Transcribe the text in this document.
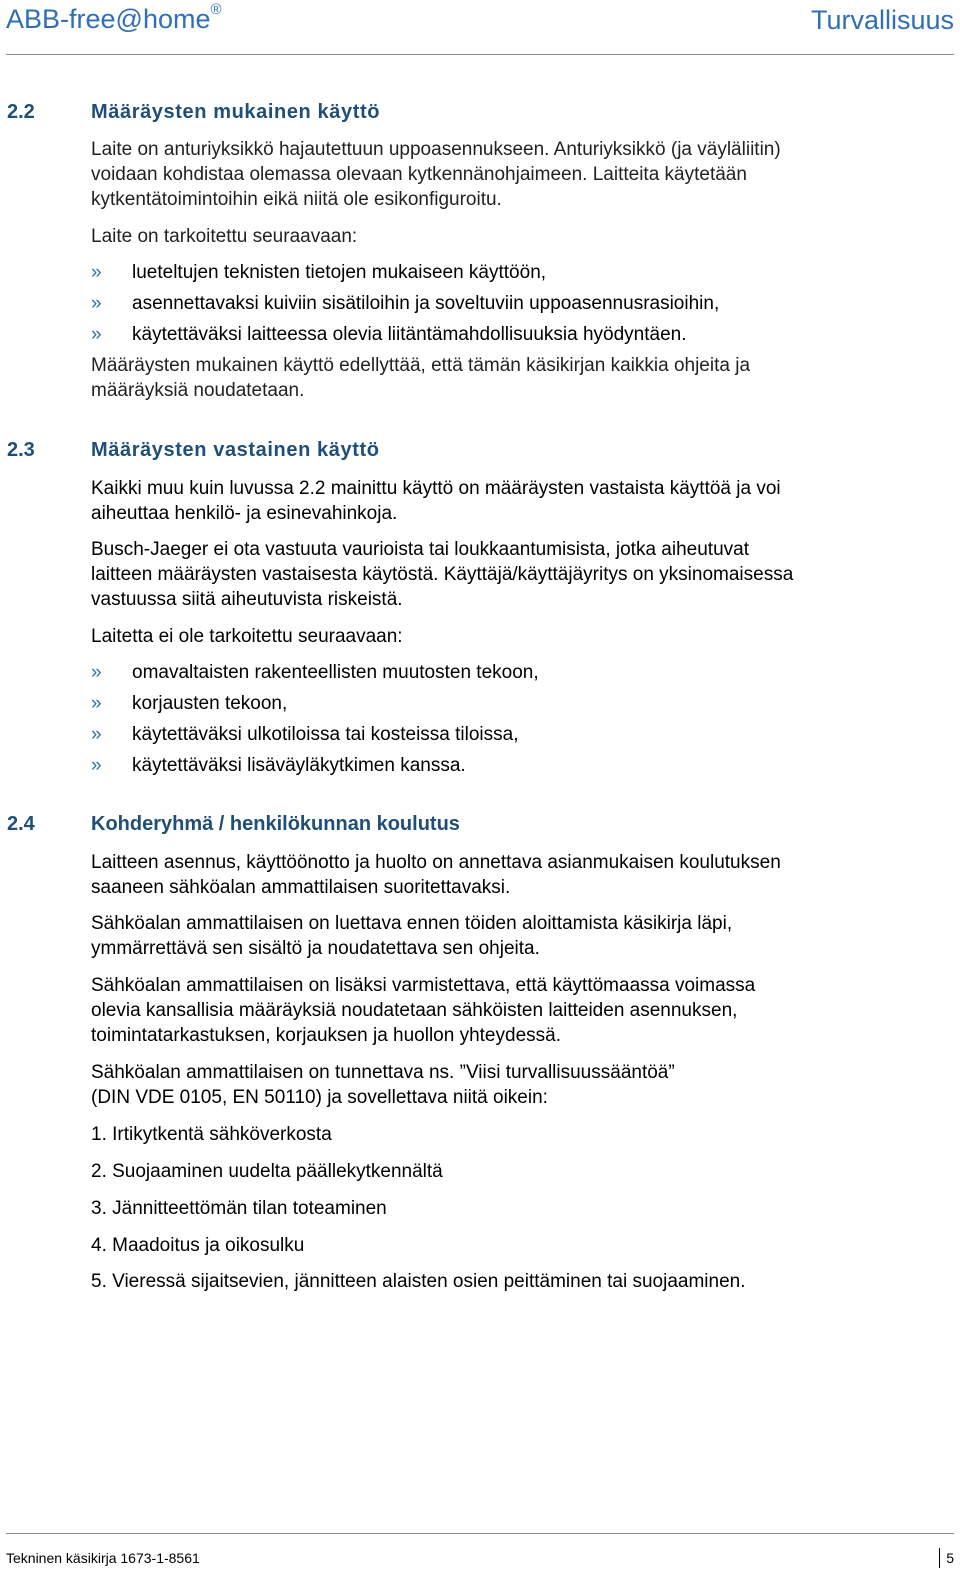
ABB-free@home®	Turvallisuus
2.2	Määräysten mukainen käyttö
Laite on anturiyksikkö hajautettuun uppoasennukseen. Anturiyksikkö (ja väyläliitin)
voidaan kohdistaa olemassa olevaan kytkennänohjaimeen. Laitteita käytetään
kytkentätoimintoihin eikä niitä ole esikonfiguroitu.
Laite on tarkoitettu seuraavaan:
» lueteltujen teknisten tietojen mukaiseen käyttöön,
» asennettavaksi kuiviin sisätiloihin ja soveltuviin uppoasennusrasioihin,
» käytettäväksi laitteessa olevia liitäntämahdollisuuksia hyödyntäen.
Määräysten mukainen käyttö edellyttää, että tämän käsikirjan kaikkia ohjeita ja
määräyksiä noudatetaan.
2.3	Määräysten vastainen käyttö
Kaikki muu kuin luvussa 2.2 mainittu käyttö on määräysten vastaista käyttöä ja voi
aiheuttaa henkilö- ja esinevahinkoja.
Busch-Jaeger ei ota vastuuta vaurioista tai loukkaantumisista, jotka aiheutuvat
laitteen määräysten vastaisesta käytöstä. Käyttäjä/käyttäjäyritys on yksinomaisessa
vastuussa siitä aiheutuvista riskeistä.
Laitetta ei ole tarkoitettu seuraavaan:
» omavaltaisten rakenteellisten muutosten tekoon,
» korjausten tekoon,
» käytettäväksi ulkotiloissa tai kosteissa tiloissa,
» käytettäväksi lisäväyläkytkimen kanssa.
2.4	Kohderyhmä / henkilökunnan koulutus
Laitteen asennus, käyttöönotto ja huolto on annettava asianmukaisen koulutuksen
saaneen sähköalan ammattilaisen suoritettavaksi.
Sähköalan ammattilaisen on luettava ennen töiden aloittamista käsikirja läpi,
ymmärrettävä sen sisältö ja noudatettava sen ohjeita.
Sähköalan ammattilaisen on lisäksi varmistettava, että käyttömaassa voimassa
olevia kansallisia määräyksiä noudatetaan sähköisten laitteiden asennuksen,
toimintatarkastuksen, korjauksen ja huollon yhteydessä.
Sähköalan ammattilaisen on tunnettava ns. ”Viisi turvallisuussääntöä”
(DIN VDE 0105, EN 50110) ja sovellettava niitä oikein:
1. Irtikytkentä sähköverkosta
2. Suojaaminen uudelta päällekytkennältä
3. Jännitteettömän tilan toteaminen
4. Maadoitus ja oikosulku
5. Vieressä sijaitsevien, jännitteen alaisten osien peittäminen tai suojaaminen.
Tekninen käsikirja 1673-1-8561	5
